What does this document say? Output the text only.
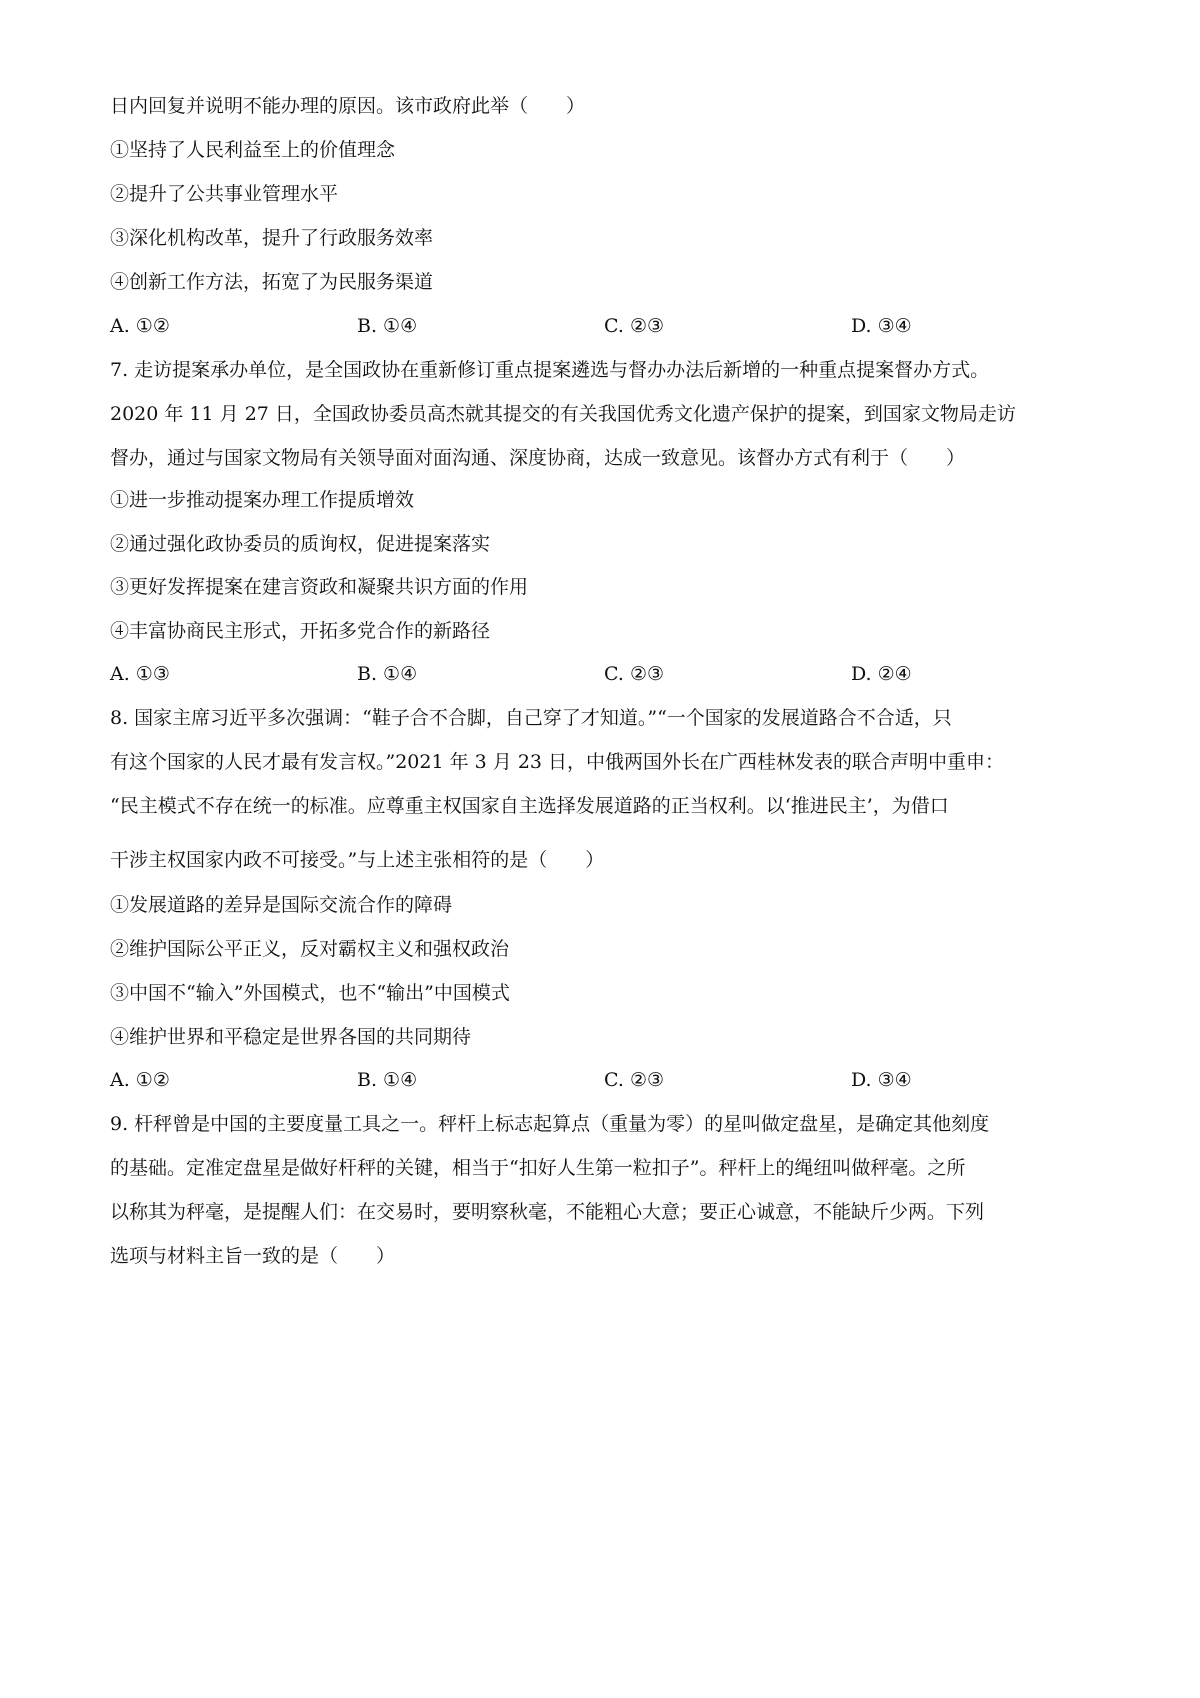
日内回复并说明不能办理的原因。该市政府此举（　　）
①坚持了人民利益至上的价值理念
②提升了公共事业管理水平
③深化机构改革，提升了行政服务效率
④创新工作方法，拓宽了为民服务渠道
A. ①②	B. ①④	C. ②③	D. ③④
7. 走访提案承办单位，是全国政协在重新修订重点提案遴选与督办办法后新增的一种重点提案督办方式。
2020 年 11 月 27 日，全国政协委员高杰就其提交的有关我国优秀文化遗产保护的提案，到国家文物局走访
督办，通过与国家文物局有关领导面对面沟通、深度协商，达成一致意见。该督办方式有利于（　　）
①进一步推动提案办理工作提质增效
②通过强化政协委员的质询权，促进提案落实
③更好发挥提案在建言资政和凝聚共识方面的作用
④丰富协商民主形式，开拓多党合作的新路径
A. ①③	B. ①④	C. ②③	D. ②④
8. 国家主席习近平多次强调：“鞋子合不合脚，自己穿了才知道。”“一个国家的发展道路合不合适，只
有这个国家的人民才最有发言权。”2021 年 3 月 23 日，中俄两国外长在广西桂林发表的联合声明中重申：
“民主模式不存在统一的标准。应尊重主权国家自主选择发展道路的正当权利。以‘推进民主’，为借口
干涉主权国家内政不可接受。”与上述主张相符的是（　　）
①发展道路的差异是国际交流合作的障碍
②维护国际公平正义，反对霸权主义和强权政治
③中国不“输入”外国模式，也不“输出”中国模式
④维护世界和平稳定是世界各国的共同期待
A. ①②	B. ①④	C. ②③	D. ③④
9. 杆秤曾是中国的主要度量工具之一。秤杆上标志起算点（重量为零）的星叫做定盘星，是确定其他刻度
的基础。定准定盘星是做好杆秤的关键，相当于“扣好人生第一粒扣子”。秤杆上的绳纽叫做秤毫。之所
以称其为秤毫，是提醒人们：在交易时，要明察秋毫，不能粗心大意；要正心诚意，不能缺斤少两。下列
选项与材料主旨一致的是（　　）
